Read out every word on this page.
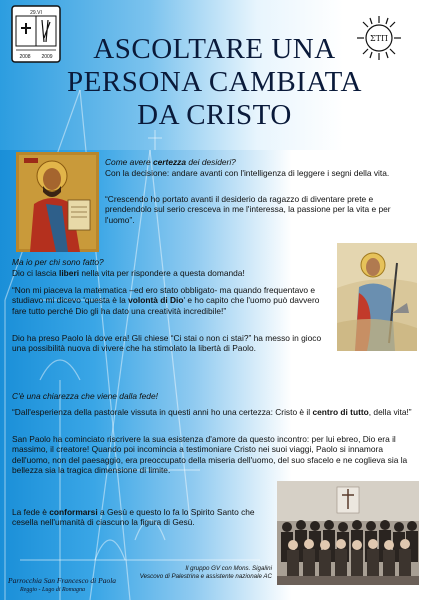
29.VI
2008 2009
ΣΤΠ
ASCOLTARE UNA
PERSONA CAMBIATA
DA CRISTO
Come avere certezza dei desideri?
Con la decisione: andare avanti con l'intelligenza di leggere i segni della vita.
“Crescendo ho portato avanti il desiderio da ragazzo di diventare prete e prendendolo sul serio cresceva in me l'interessa, la passione per la vita e per l'uomo”.
Ma io per chi sono fatto?
Dio ci lascia liberi nella vita per rispondere a questa domanda!
“Non mi piaceva la matematica –ed ero stato obbligato- ma quando frequentavo e studiavo mi dicevo 'questa è la volontà di Dio' e ho capito che l'uomo può davvero fare tutto perché Dio gli ha dato una creatività incredibile!”
Dio ha preso Paolo là dove era! Gli chiese “Ci stai o non ci stai?” ha messo in gioco una possibilità nuova di vivere che ha stimolato la libertà di Paolo.
C'è una chiarezza che viene dalla fede!
“Dall'esperienza della pastorale vissuta in questi anni ho una certezza: Cristo è il centro di tutto, della vita!”
San Paolo ha cominciato riscrivere la sua esistenza d'amore da questo incontro: per lui ebreo, Dio era il massimo, il creatore! Quando poi incomincia a testimoniare Cristo nei suoi viaggi, Paolo si innamora dell'uomo, non del paesaggio, era preoccupato della miseria dell'uomo, del suo sfacelo e ne coglieva sia la bellezza sia la tragica dimensione di limite.
La fede è conformarsi a Gesù e questo lo fa lo Spirito Santo che cesella nell'umanità di ciascuno la figura di Gesù.
Il gruppo GV con Mons. Sigalini
Vescovo di Palestrina e assistente nazionale AC
Parrocchia San Francesco di Paola
Reggio - Lugo di Romagna
